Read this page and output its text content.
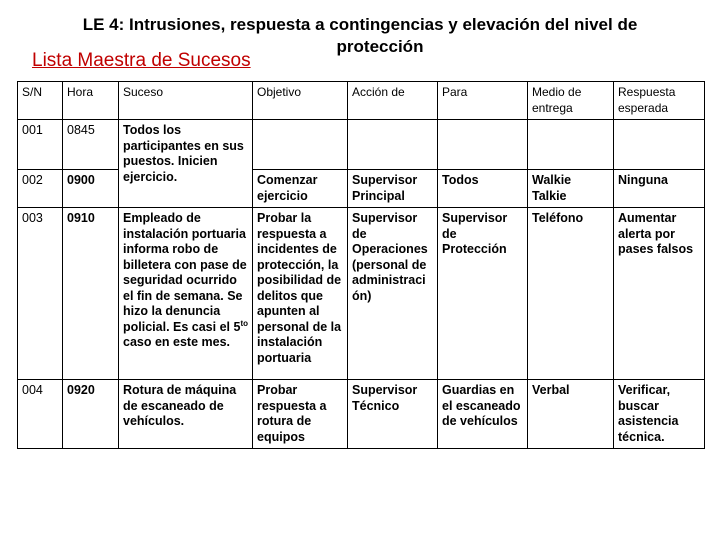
LE 4: Intrusiones, respuesta a contingencias y elevación del nivel de
protección
Lista Maestra de Sucesos
S/N	Hora	Suceso	Objetivo	Acción de	Para	Medio de entrega	Respuesta esperada
001	0845	Todos los participantes en sus puestos. Inicien ejercicio.					
002	0900		Comenzar ejercicio	Supervisor Principal	Todos	Walkie Talkie	Ninguna
003	0910	Empleado de instalación portuaria informa robo de billetera con pase de seguridad ocurrido el fin de semana. Se hizo la denuncia policial. Es casi el $5^{to}$ caso en este mes.	Probar la respuesta a incidentes de protección, la posibilidad de delitos que apunten al personal de la instalación portuaria	Supervisor de Operaciones (personal de administraci ón)	Supervisor de Protección	Teléfono	Aumentar alerta por pases falsos
004	0920	Rotura de máquina de escaneado de vehículos.	Probar respuesta a rotura de equipos	Supervisor Técnico	Guardias en el escaneado de vehículos	Verbal	Verificar, buscar asistencia técnica.
